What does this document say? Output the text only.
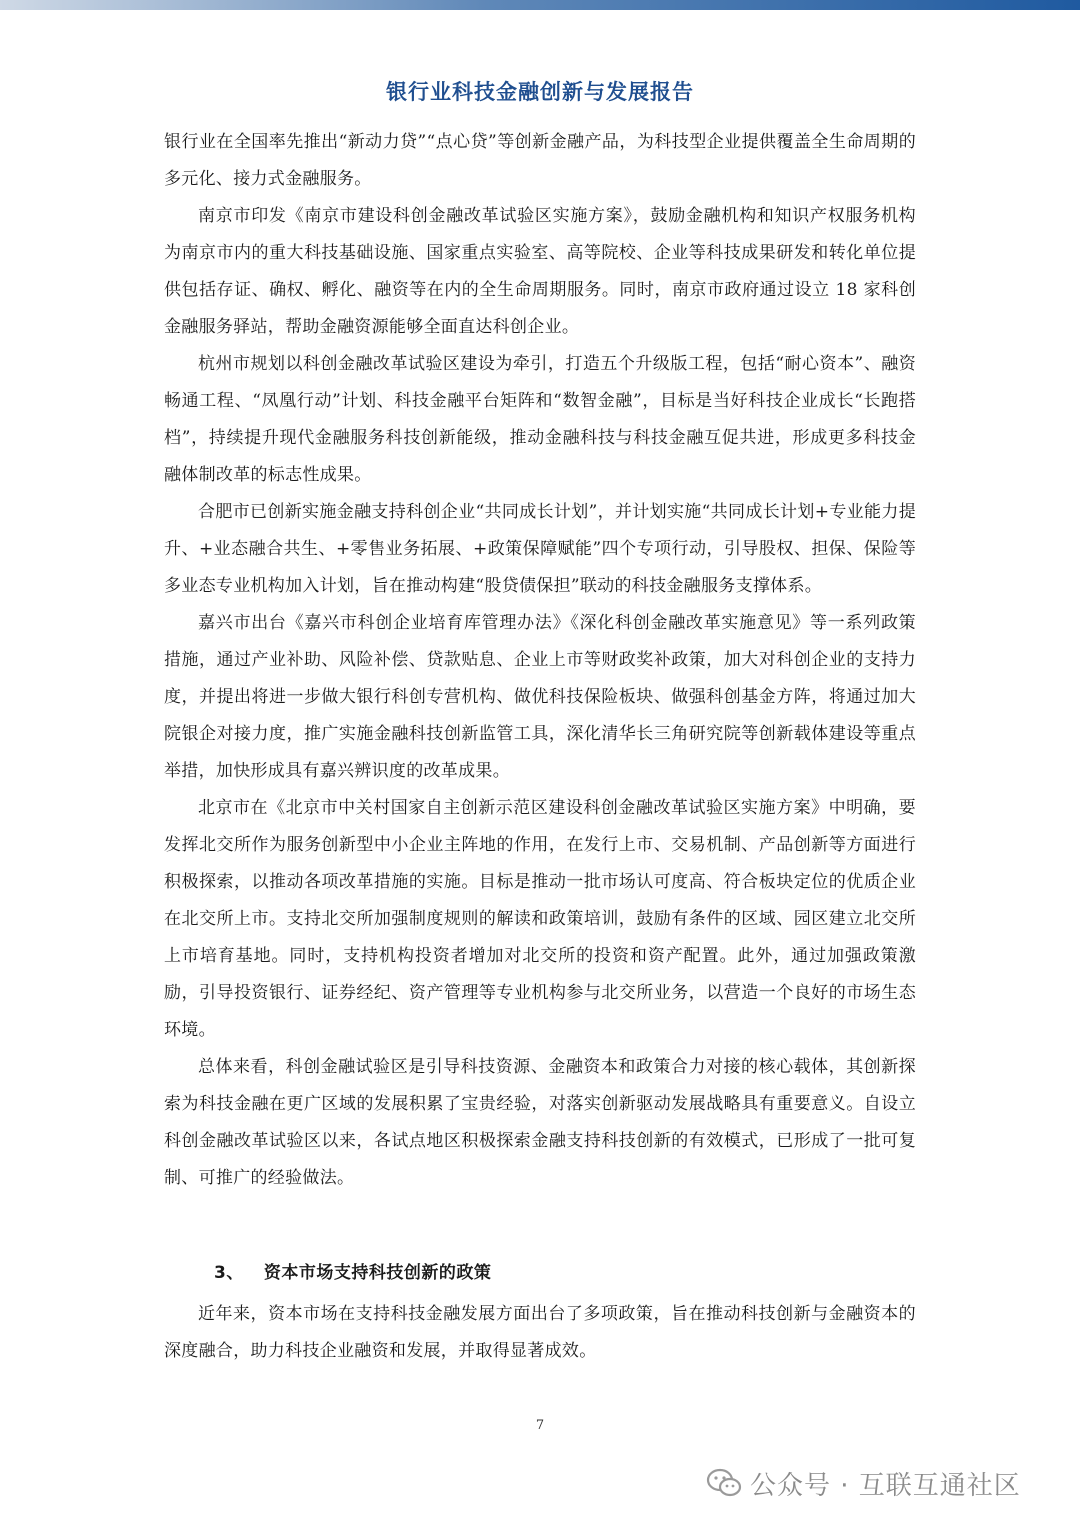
银行业科技金融创新与发展报告

银行业在全国率先推出“新动力贷”“点心贷”等创新金融产品，为科技型企业提供覆盖全生命周期的多元化、接力式金融服务。

南京市印发《南京市建设科创金融改革试验区实施方案》，鼓励金融机构和知识产权服务机构为南京市内的重大科技基础设施、国家重点实验室、高等院校、企业等科技成果研发和转化单位提供包括存证、确权、孵化、融资等在内的全生命周期服务。同时，南京市政府通过设立 18 家科创金融服务驿站，帮助金融资源能够全面直达科创企业。

杭州市规划以科创金融改革试验区建设为牵引，打造五个升级版工程，包括“耐心资本”、融资畅通工程、“凤凰行动”计划、科技金融平台矩阵和“数智金融”，目标是当好科技企业成长“长跑搭档”，持续提升现代金融服务科技创新能级，推动金融科技与科技金融互促共进，形成更多科技金融体制改革的标志性成果。

合肥市已创新实施金融支持科创企业“共同成长计划”，并计划实施“共同成长计划+专业能力提升、+业态融合共生、+零售业务拓展、+政策保障赋能”四个专项行动，引导股权、担保、保险等多业态专业机构加入计划，旨在推动构建“股贷债保担”联动的科技金融服务支撑体系。

嘉兴市出台《嘉兴市科创企业培育库管理办法》《深化科创金融改革实施意见》等一系列政策措施，通过产业补助、风险补偿、贷款贴息、企业上市等财政奖补政策，加大对科创企业的支持力度，并提出将进一步做大银行科创专营机构、做优科技保险板块、做强科创基金方阵，将通过加大院银企对接力度，推广实施金融科技创新监管工具，深化清华长三角研究院等创新载体建设等重点举措，加快形成具有嘉兴辨识度的改革成果。

北京市在《北京市中关村国家自主创新示范区建设科创金融改革试验区实施方案》中明确，要发挥北交所作为服务创新型中小企业主阵地的作用，在发行上市、交易机制、产品创新等方面进行积极探索，以推动各项改革措施的实施。目标是推动一批市场认可度高、符合板块定位的优质企业在北交所上市。支持北交所加强制度规则的解读和政策培训，鼓励有条件的区域、园区建立北交所上市培育基地。同时，支持机构投资者增加对北交所的投资和资产配置。此外，通过加强政策激励，引导投资银行、证券经纪、资产管理等专业机构参与北交所业务，以营造一个良好的市场生态环境。

总体来看，科创金融试验区是引导科技资源、金融资本和政策合力对接的核心载体，其创新探索为科技金融在更广区域的发展积累了宝贵经验，对落实创新驱动发展战略具有重要意义。自设立科创金融改革试验区以来，各试点地区积极探索金融支持科技创新的有效模式，已形成了一批可复制、可推广的经验做法。

3、 资本市场支持科技创新的政策

近年来，资本市场在支持科技金融发展方面出台了多项政策，旨在推动科技创新与金融资本的深度融合，助力科技企业融资和发展，并取得显著成效。

7
公众号 · 互联互通社区
